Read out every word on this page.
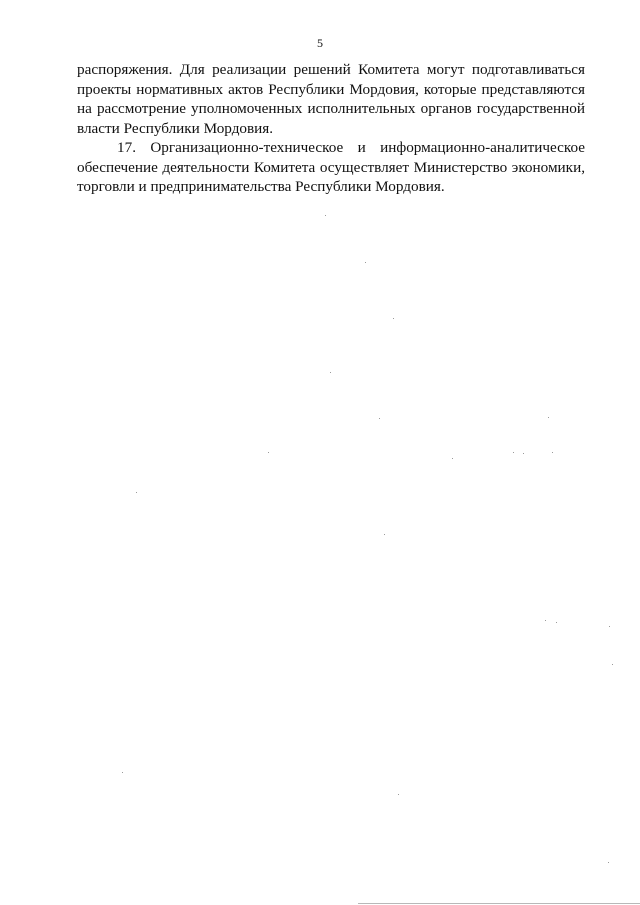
5
распоряжения. Для реализации решений Комитета могут подготавливаться
проекты нормативных актов Республики Мордовия, которые представляются
на рассмотрение уполномоченных исполнительных органов государственной
власти Республики Мордовия.
17. Организационно-техническое и информационно-аналитическое
обеспечение деятельности Комитета осуществляет Министерство экономики,
торговли и предпринимательства Республики Мордовия.
